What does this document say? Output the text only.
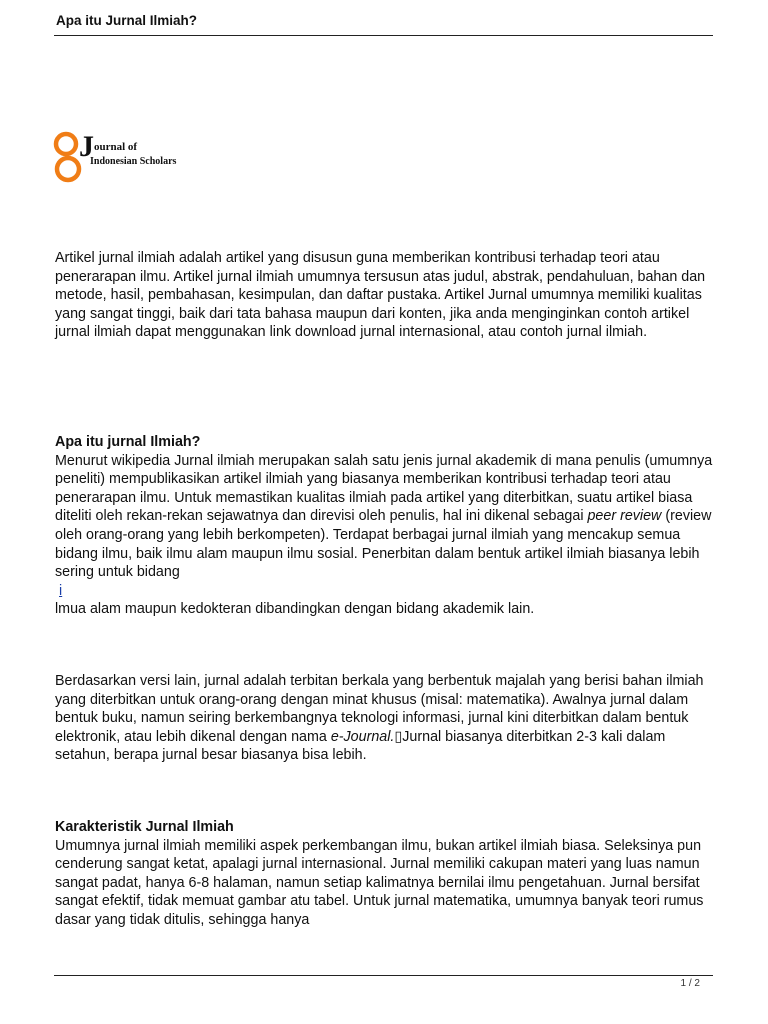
Apa itu Jurnal Ilmiah?
J ournal of
Indonesian Scholars

Artikel jurnal ilmiah adalah artikel yang disusun guna memberikan kontribusi terhadap teori atau penerarapan ilmu. Artikel jurnal ilmiah umumnya tersusun atas judul, abstrak, pendahuluan, bahan dan metode, hasil, pembahasan, kesimpulan, dan daftar pustaka. Artikel Jurnal umumnya memiliki kualitas yang sangat tinggi, baik dari tata bahasa maupun dari konten, jika anda menginginkan contoh artikel jurnal ilmiah dapat menggunakan link download jurnal internasional, atau contoh jurnal ilmiah.

Apa itu jurnal Ilmiah?
Menurut wikipedia Jurnal ilmiah merupakan salah satu jenis jurnal akademik di mana penulis (umumnya peneliti) mempublikasikan artikel ilmiah yang biasanya memberikan kontribusi terhadap teori atau penerarapan ilmu. Untuk memastikan kualitas ilmiah pada artikel yang diterbitkan, suatu artikel biasa diteliti oleh rekan-rekan sejawatnya dan direvisi oleh penulis, hal ini dikenal sebagai peer review (review oleh orang-orang yang lebih berkompeten). Terdapat berbagai jurnal ilmiah yang mencakup semua bidang ilmu, baik ilmu alam maupun ilmu sosial. Penerbitan dalam bentuk artikel ilmiah biasanya lebih sering untuk bidang
i
lmua alam maupun kedokteran dibandingkan dengan bidang akademik lain.

Berdasarkan versi lain, jurnal adalah terbitan berkala yang berbentuk majalah yang berisi bahan ilmiah yang diterbitkan untuk orang-orang dengan minat khusus (misal: matematika). Awalnya jurnal dalam bentuk buku, namun seiring berkembangnya teknologi informasi, jurnal kini diterbitkan dalam bentuk elektronik, atau lebih dikenal dengan nama e-Journal.▯Jurnal biasanya diterbitkan 2-3 kali dalam setahun, berapa jurnal besar biasanya bisa lebih.

Karakteristik Jurnal Ilmiah
Umumnya jurnal ilmiah memiliki aspek perkembangan ilmu, bukan artikel ilmiah biasa. Seleksinya pun cenderung sangat ketat, apalagi jurnal internasional. Jurnal memiliki cakupan materi yang luas namun sangat padat, hanya 6-8 halaman, namun setiap kalimatnya bernilai ilmu pengetahuan. Jurnal bersifat sangat efektif, tidak memuat gambar atu tabel. Untuk jurnal matematika, umumnya banyak teori rumus dasar yang tidak ditulis, sehingga hanya

1 / 2
